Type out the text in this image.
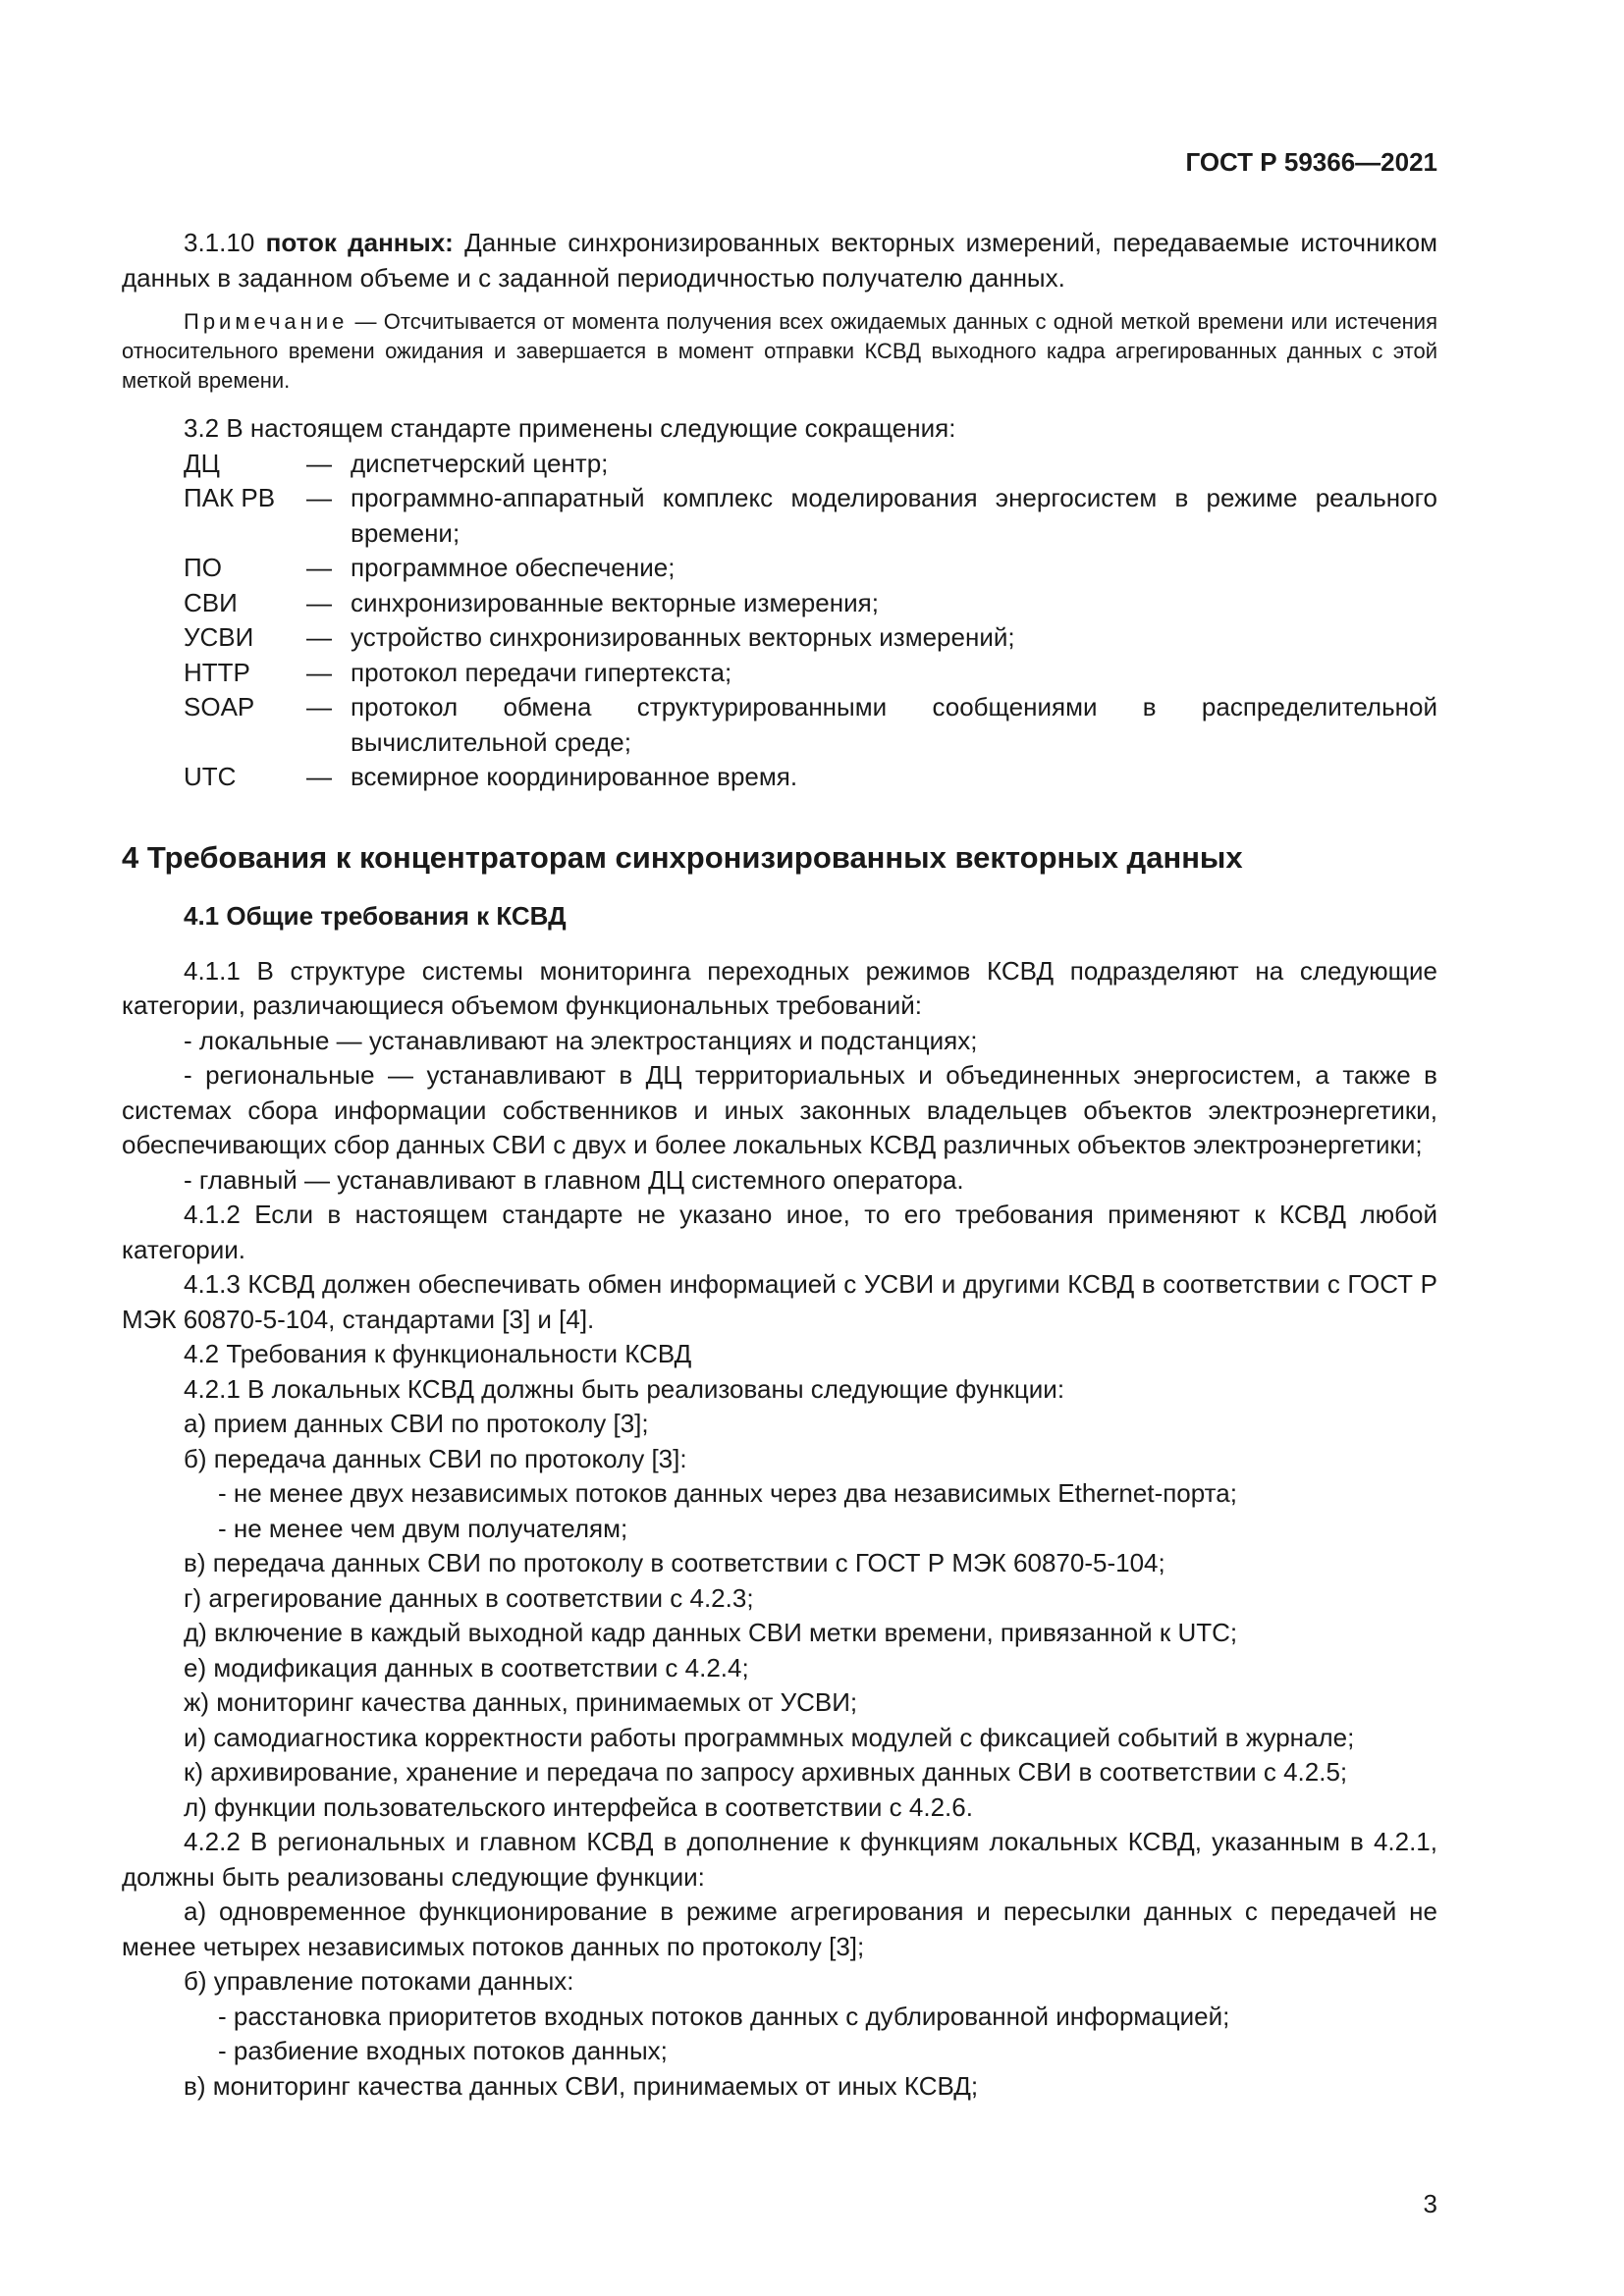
ГОСТ Р 59366—2021

3.1.10 поток данных: Данные синхронизированных векторных измерений, передаваемые источником данных в заданном объеме и с заданной периодичностью получателю данных.

Примечание — Отсчитывается от момента получения всех ожидаемых данных с одной меткой времени или истечения относительного времени ожидания и завершается в момент отправки КСВД выходного кадра агрегированных данных с этой меткой времени.

3.2 В настоящем стандарте применены следующие сокращения:

ДЦ	—	диспетчерский центр;
ПАК РВ	—	программно-аппаратный комплекс моделирования энергосистем в режиме реального времени;
ПО	—	программное обеспечение;
СВИ	—	синхронизированные векторные измерения;
УСВИ	—	устройство синхронизированных векторных измерений;
HTTP	—	протокол передачи гипертекста;
SOAP	—	протокол обмена структурированными сообщениями в распределительной вычислительной среде;
UTC	—	всемирное координированное время.
4 Требования к концентраторам синхронизированных векторных данных
4.1 Общие требования к КСВД

4.1.1 В структуре системы мониторинга переходных режимов КСВД подразделяют на следующие категории, различающиеся объемом функциональных требований:

- локальные — устанавливают на электростанциях и подстанциях;

- региональные — устанавливают в ДЦ территориальных и объединенных энергосистем, а также в системах сбора информации собственников и иных законных владельцев объектов электроэнергетики, обеспечивающих сбор данных СВИ с двух и более локальных КСВД различных объектов электроэнергетики;

- главный — устанавливают в главном ДЦ системного оператора.

4.1.2 Если в настоящем стандарте не указано иное, то его требования применяют к КСВД любой категории.

4.1.3 КСВД должен обеспечивать обмен информацией с УСВИ и другими КСВД в соответствии с ГОСТ Р МЭК 60870-5-104, стандартами [3] и [4].

4.2 Требования к функциональности КСВД

4.2.1 В локальных КСВД должны быть реализованы следующие функции:

а) прием данных СВИ по протоколу [3];

б) передача данных СВИ по протоколу [3]:

- не менее двух независимых потоков данных через два независимых Ethernet-порта;

- не менее чем двум получателям;

в) передача данных СВИ по протоколу в соответствии с ГОСТ Р МЭК 60870-5-104;

г) агрегирование данных в соответствии с 4.2.3;

д) включение в каждый выходной кадр данных СВИ метки времени, привязанной к UTC;

е) модификация данных в соответствии с 4.2.4;

ж) мониторинг качества данных, принимаемых от УСВИ;

и) самодиагностика корректности работы программных модулей с фиксацией событий в журнале;

к) архивирование, хранение и передача по запросу архивных данных СВИ в соответствии с 4.2.5;

л) функции пользовательского интерфейса в соответствии с 4.2.6.

4.2.2 В региональных и главном КСВД в дополнение к функциям локальных КСВД, указанным в 4.2.1, должны быть реализованы следующие функции:

а) одновременное функционирование в режиме агрегирования и пересылки данных с передачей не менее четырех независимых потоков данных по протоколу [3];

б) управление потоками данных:

- расстановка приоритетов входных потоков данных с дублированной информацией;

- разбиение входных потоков данных;

в) мониторинг качества данных СВИ, принимаемых от иных КСВД;

3
